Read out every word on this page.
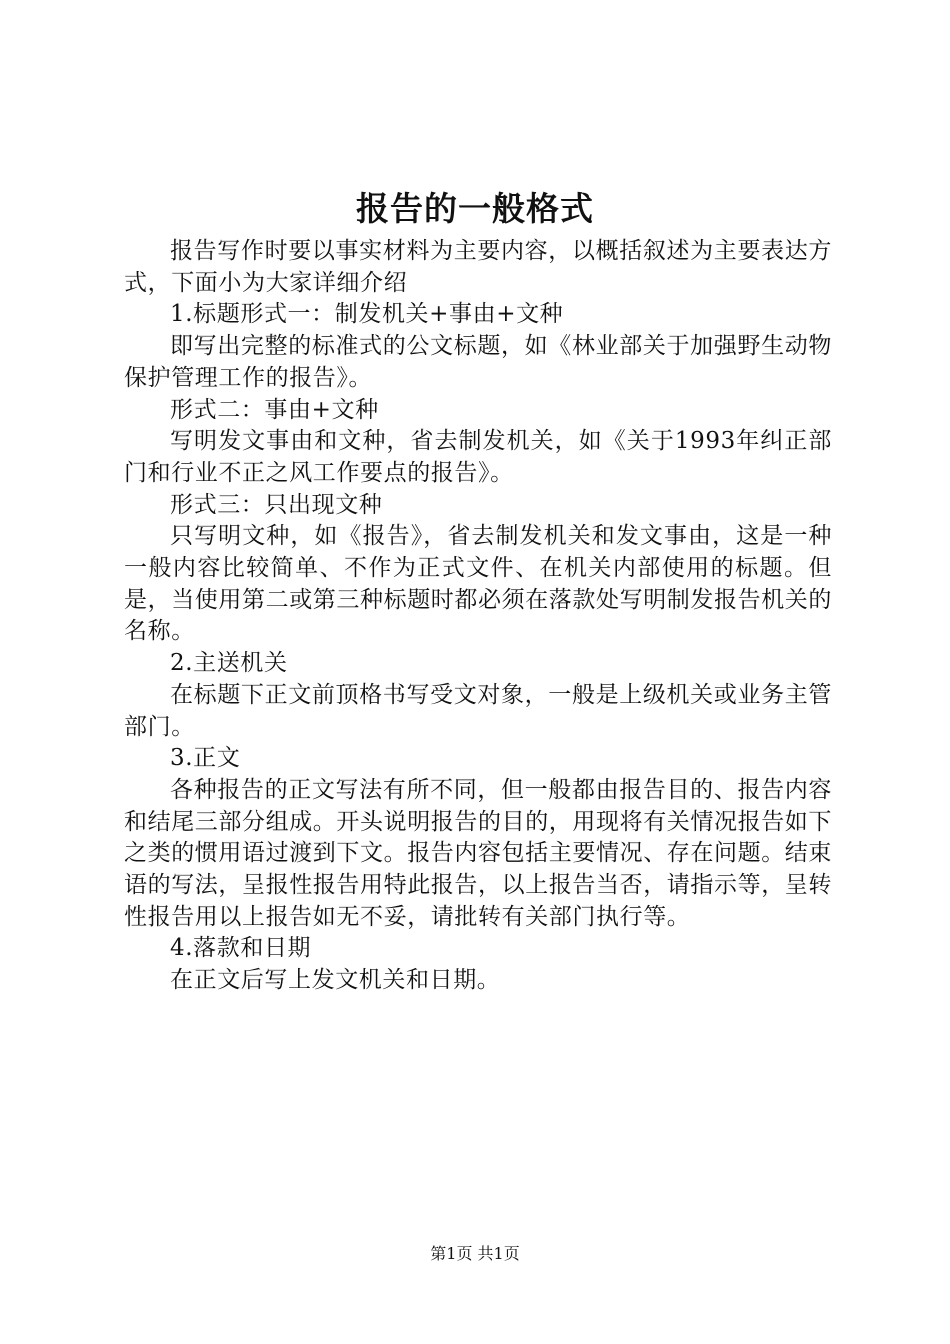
报告的一般格式

报告写作时要以事实材料为主要内容，以概括叙述为主要表达方式，下面小为大家详细介绍

1.标题形式一：制发机关+事由+文种

即写出完整的标准式的公文标题，如《林业部关于加强野生动物保护管理工作的报告》。

形式二：事由+文种

写明发文事由和文种，省去制发机关，如《关于1993年纠正部门和行业不正之风工作要点的报告》。

形式三：只出现文种

只写明文种，如《报告》，省去制发机关和发文事由，这是一种一般内容比较简单、不作为正式文件、在机关内部使用的标题。但是，当使用第二或第三种标题时都必须在落款处写明制发报告机关的名称。

2.主送机关

在标题下正文前顶格书写受文对象，一般是上级机关或业务主管部门。

3.正文

各种报告的正文写法有所不同，但一般都由报告目的、报告内容和结尾三部分组成。开头说明报告的目的，用现将有关情况报告如下之类的惯用语过渡到下文。报告内容包括主要情况、存在问题。结束语的写法，呈报性报告用特此报告，以上报告当否，请指示等，呈转性报告用以上报告如无不妥，请批转有关部门执行等。

4.落款和日期

在正文后写上发文机关和日期。

第1页 共1页
